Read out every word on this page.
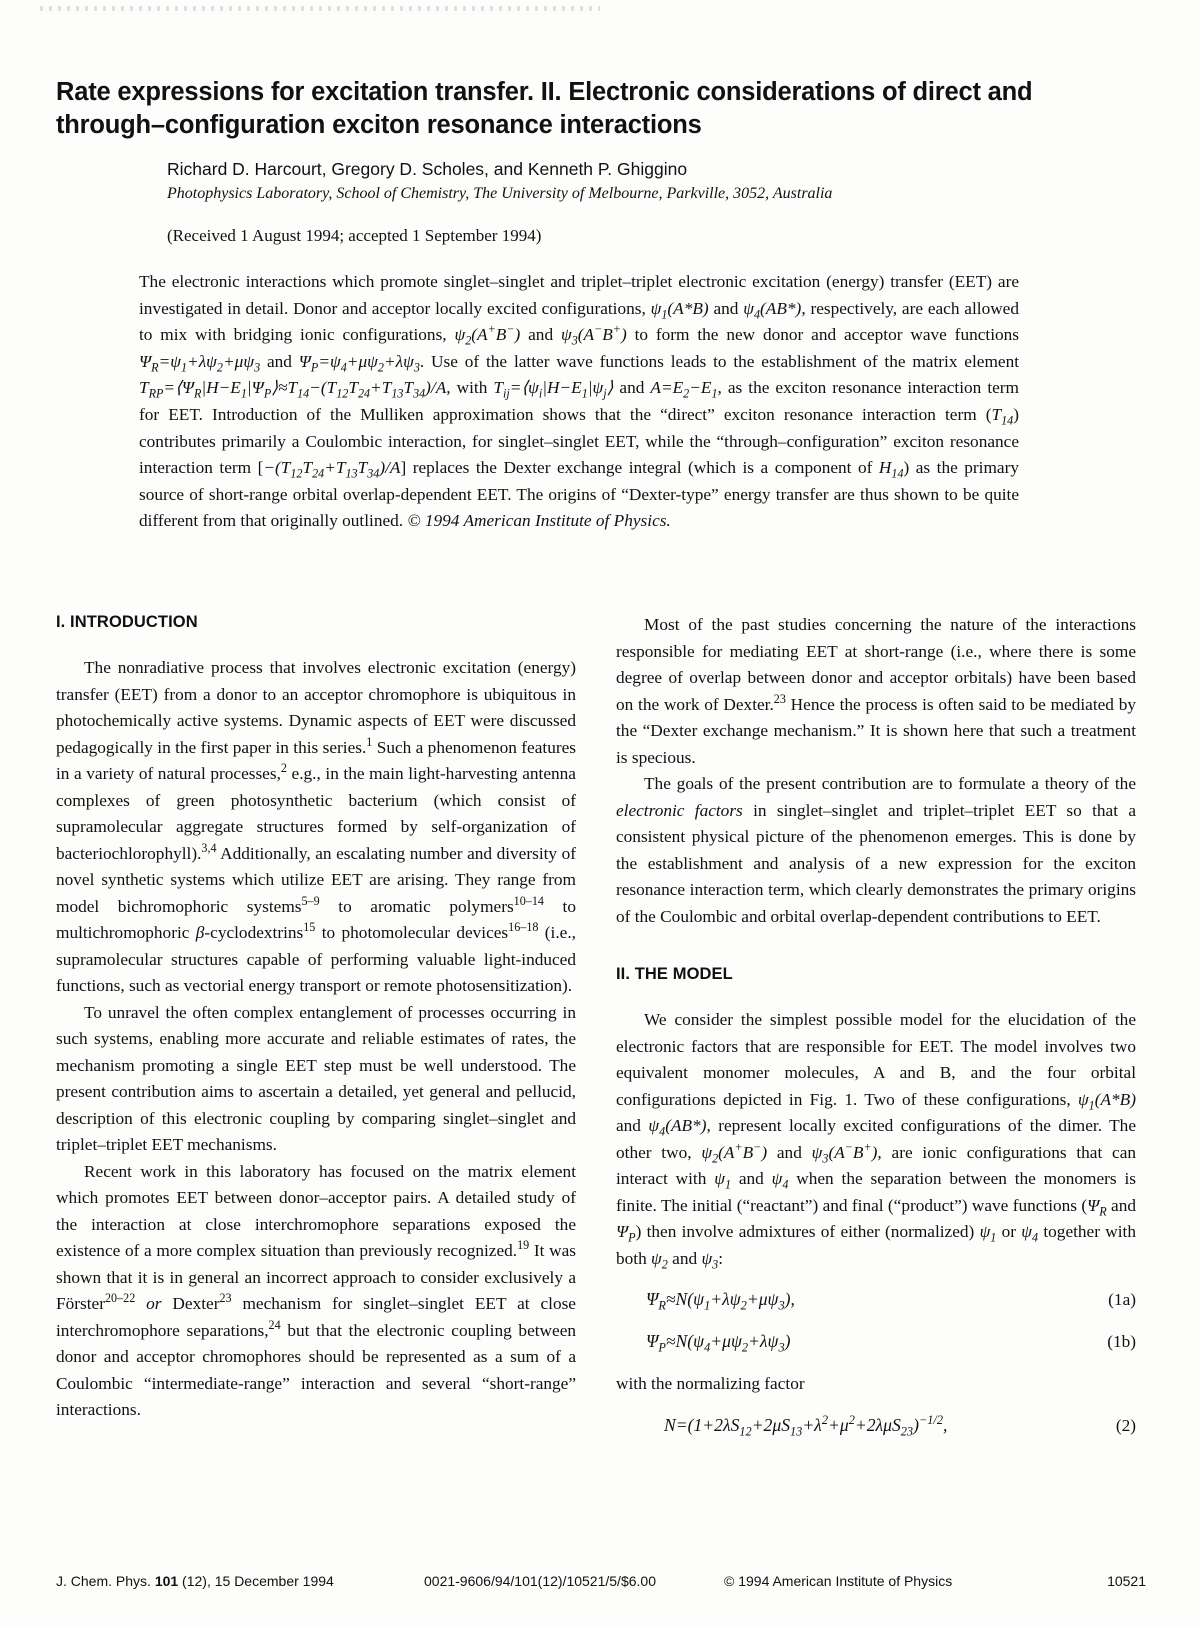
Rate expressions for excitation transfer. II. Electronic considerations of direct and through–configuration exciton resonance interactions

Richard D. Harcourt, Gregory D. Scholes, and Kenneth P. Ghiggino

Photophysics Laboratory, School of Chemistry, The University of Melbourne, Parkville, 3052, Australia

(Received 1 August 1994; accepted 1 September 1994)

The electronic interactions which promote singlet–singlet and triplet–triplet electronic excitation (energy) transfer (EET) are investigated in detail. Donor and acceptor locally excited configurations, $\psi_1(A*B)$ and $\psi_4(AB*)$, respectively, are each allowed to mix with bridging ionic configurations, $\psi_2(A^+B^-)$ and $\psi_3(A^-B^+)$ to form the new donor and acceptor wave functions $\Psi_R=\psi_1+\lambda\psi_2+\mu\psi_3$ and $\Psi_P=\psi_4+\mu\psi_2+\lambda\psi_3$. Use of the latter wave functions leads to the establishment of the matrix element $T_{RP}=⟨\Psi_R|H-E_1|\Psi_P⟩\approx T_{14}-(T_{12}T_{24}+T_{13}T_{34})/A$, with $T_{ij}=⟨\psi_i|H-E_1|\psi_j⟩$ and $A=E_2-E_1$, as the exciton resonance interaction term for EET. Introduction of the Mulliken approximation shows that the “direct” exciton resonance interaction term $(T_{14})$ contributes primarily a Coulombic interaction, for singlet–singlet EET, while the “through–configuration” exciton resonance interaction term $[-(T_{12}T_{24}+T_{13}T_{34})/A]$ replaces the Dexter exchange integral (which is a component of $H_{14}$) as the primary source of short-range orbital overlap-dependent EET. The origins of “Dexter-type” energy transfer are thus shown to be quite different from that originally outlined. © 1994 American Institute of Physics.
I. INTRODUCTION

The nonradiative process that involves electronic excitation (energy) transfer (EET) from a donor to an acceptor chromophore is ubiquitous in photochemically active systems. Dynamic aspects of EET were discussed pedagogically in the first paper in this series.$^1$ Such a phenomenon features in a variety of natural processes,$^2$ e.g., in the main light-harvesting antenna complexes of green photosynthetic bacterium (which consist of supramolecular aggregate structures formed by self-organization of bacteriochlorophyll).$^{3,4}$ Additionally, an escalating number and diversity of novel synthetic systems which utilize EET are arising. They range from model bichromophoric systems$^{5-9}$ to aromatic polymers$^{10-14}$ to multichromophoric β-cyclodextrins$^{15}$ to photomolecular devices$^{16-18}$ (i.e., supramolecular structures capable of performing valuable light-induced functions, such as vectorial energy transport or remote photosensitization).

To unravel the often complex entanglement of processes occurring in such systems, enabling more accurate and reliable estimates of rates, the mechanism promoting a single EET step must be well understood. The present contribution aims to ascertain a detailed, yet general and pellucid, description of this electronic coupling by comparing singlet–singlet and triplet–triplet EET mechanisms.

Recent work in this laboratory has focused on the matrix element which promotes EET between donor–acceptor pairs. A detailed study of the interaction at close interchromophore separations exposed the existence of a more complex situation than previously recognized.$^{19}$ It was shown that it is in general an incorrect approach to consider exclusively a Förster$^{20-22}$ or Dexter$^{23}$ mechanism for singlet–singlet EET at close interchromophore separations,$^{24}$ but that the electronic coupling between donor and acceptor chromophores should be represented as a sum of a Coulombic “intermediate-range” interaction and several “short-range” interactions.

Most of the past studies concerning the nature of the interactions responsible for mediating EET at short-range (i.e., where there is some degree of overlap between donor and acceptor orbitals) have been based on the work of Dexter.$^{23}$ Hence the process is often said to be mediated by the “Dexter exchange mechanism.” It is shown here that such a treatment is specious.

The goals of the present contribution are to formulate a theory of the electronic factors in singlet–singlet and triplet–triplet EET so that a consistent physical picture of the phenomenon emerges. This is done by the establishment and analysis of a new expression for the exciton resonance interaction term, which clearly demonstrates the primary origins of the Coulombic and orbital overlap-dependent contributions to EET.

II. THE MODEL

We consider the simplest possible model for the elucidation of the electronic factors that are responsible for EET. The model involves two equivalent monomer molecules, A and B, and the four orbital configurations depicted in Fig. 1. Two of these configurations, $\psi_1(A*B)$ and $\psi_4(AB*)$, represent locally excited configurations of the dimer. The other two, $\psi_2(A^+B^-)$ and $\psi_3(A^-B^+)$, are ionic configurations that can interact with $\psi_1$ and $\psi_4$ when the separation between the monomers is finite. The initial (“reactant”) and final (“product”) wave functions ($\Psi_R$ and $\Psi_P$) then involve admixtures of either (normalized) $\psi_1$ or $\psi_4$ together with both $\psi_2$ and $\psi_3$:

$\Psi_R\approx N(\psi_1+\lambda\psi_2+\mu\psi_3)$,	(1a)
$\Psi_P\approx N(\psi_4+\mu\psi_2+\lambda\psi_3)$	(1b)

with the normalizing factor

$N=(1+2\lambda S_{12}+2\mu S_{13}+\lambda^2+\mu^2+2\lambda\mu S_{23})^{-1/2}$,	(2)
J. Chem. Phys. 101 (12), 15 December 1994	0021-9606/94/101(12)/10521/5/$6.00	© 1994 American Institute of Physics	10521
